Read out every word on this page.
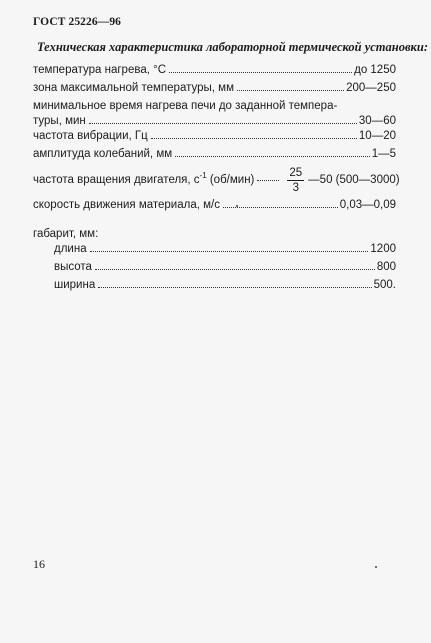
ГОСТ 25226—96
Техническая характеристика лабораторной термической установки:
температура нагрева, °С	до 1250
зона максимальной температуры, мм	200—250
минимальное время нагрева печи до заданной темпера-
туры, мин	30—60
частота вибрации, Гц	10—20
амплитуда колебаний, мм	1—5
частота вращения двигателя, $с^{-1}$ (об/мин)	$\frac{25}{3}$ —50 (500—3000)
скорость движения материала, м/с	0,03—0,09
габарит, мм:
длина	1200
высота	800
ширина	500.
16
